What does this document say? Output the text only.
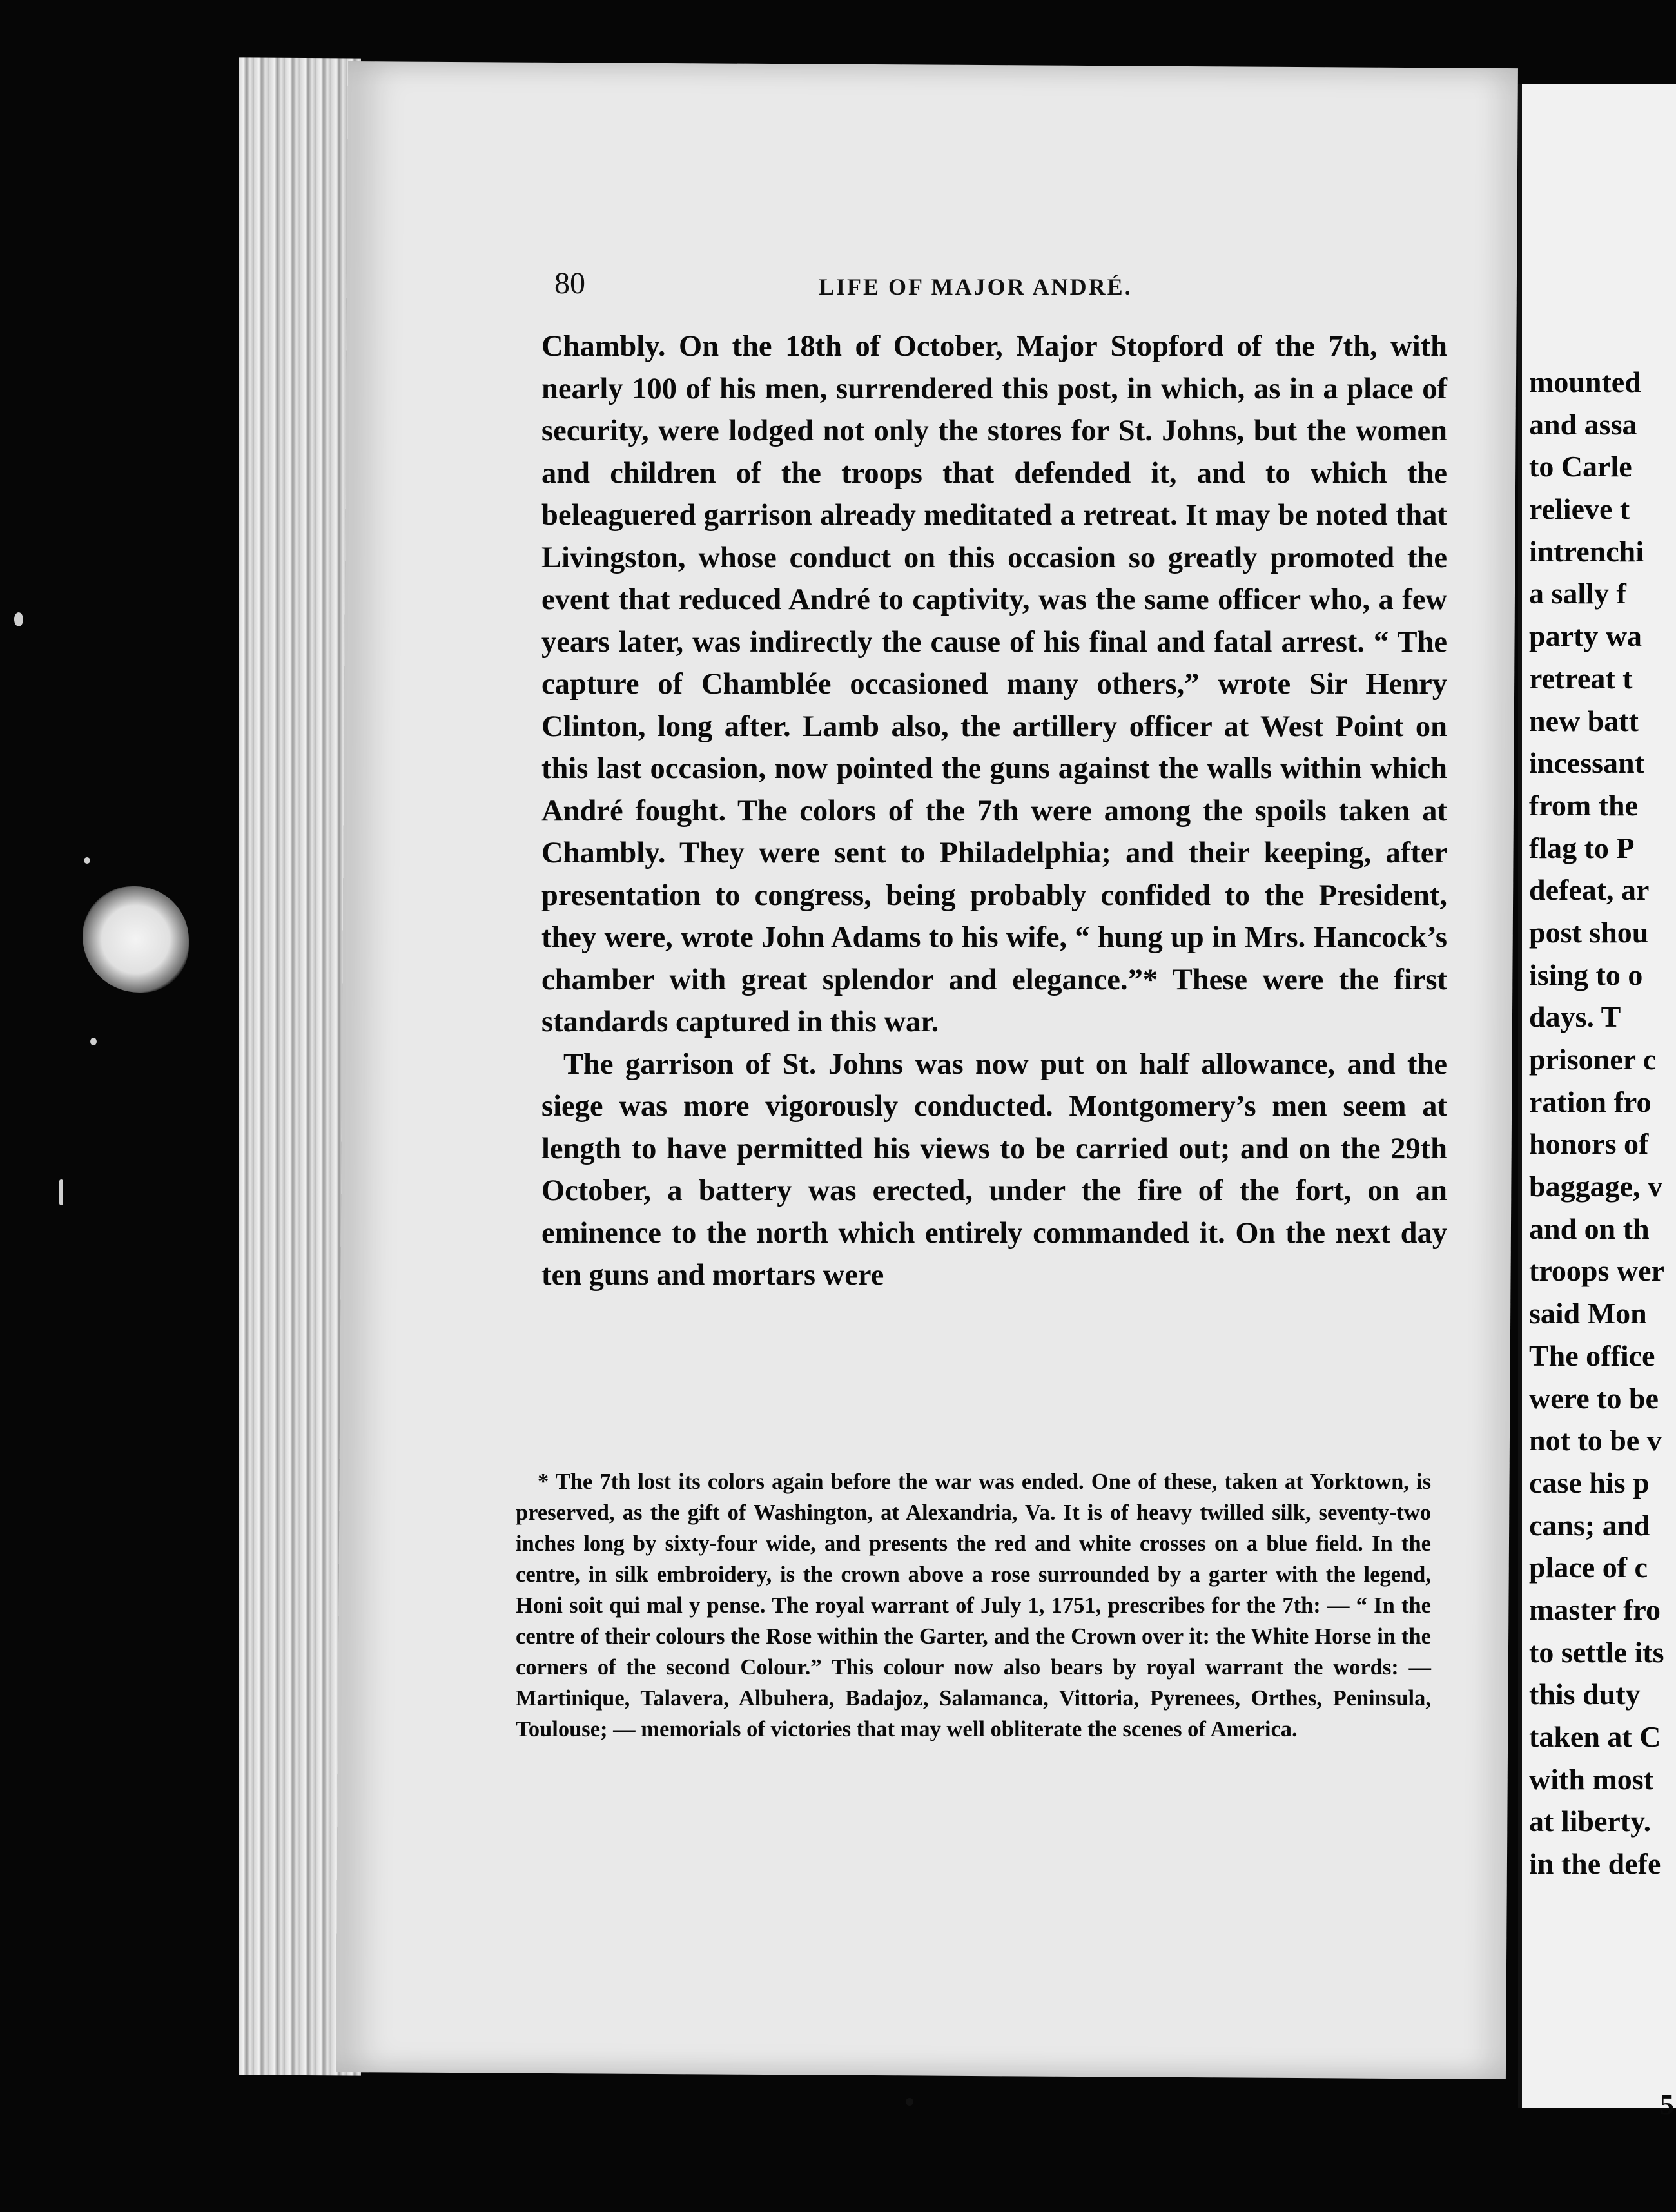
80	LIFE OF MAJOR ANDRÉ.

Chambly. On the 18th of October, Major Stopford of the 7th, with nearly 100 of his men, surrendered this post, in which, as in a place of security, were lodged not only the stores for St. Johns, but the women and children of the troops that defended it, and to which the beleaguered garrison already meditated a retreat. It may be noted that Livingston, whose conduct on this occasion so greatly promoted the event that reduced André to captivity, was the same officer who, a few years later, was indirectly the cause of his final and fatal arrest. “ The capture of Chamblée occasioned many others,” wrote Sir Henry Clinton, long after. Lamb also, the artillery officer at West Point on this last occasion, now pointed the guns against the walls within which André fought. The colors of the 7th were among the spoils taken at Chambly. They were sent to Philadelphia; and their keeping, after presentation to congress, being probably confided to the President, they were, wrote John Adams to his wife, “ hung up in Mrs. Hancock’s chamber with great splendor and elegance.”* These were the first standards captured in this war.

The garrison of St. Johns was now put on half allowance, and the siege was more vigorously conducted. Montgomery’s men seem at length to have permitted his views to be carried out; and on the 29th October, a battery was erected, under the fire of the fort, on an eminence to the north which entirely commanded it. On the next day ten guns and mortars were

* The 7th lost its colors again before the war was ended. One of these, taken at Yorktown, is preserved, as the gift of Washington, at Alexandria, Va. It is of heavy twilled silk, seventy-two inches long by sixty-four wide, and presents the red and white crosses on a blue field. In the centre, in silk embroidery, is the crown above a rose surrounded by a garter with the legend, Honi soit qui mal y pense. The royal warrant of July 1, 1751, prescribes for the 7th: — “ In the centre of their colours the Rose within the Garter, and the Crown over it: the White Horse in the corners of the second Colour.” This colour now also bears by royal warrant the words: — Martinique, Talavera, Albuhera, Badajoz, Salamanca, Vittoria, Pyrenees, Orthes, Peninsula, Toulouse; — memorials of victories that may well obliterate the scenes of America.

mounted
and assa
to Carle
relieve t
intrenchi
a sally f
party wa
retreat t
new batt
incessant
from the
flag to P
defeat, ar
post shou
ising to o
days. T
prisoner c
ration fro
honors of
baggage, v
and on th
troops wer
said Mon
The office
were to be
not to be v
case his p
cans; and
place of c
master fro
to settle its
this duty
taken at C
with most
at liberty.
in the defe
5
